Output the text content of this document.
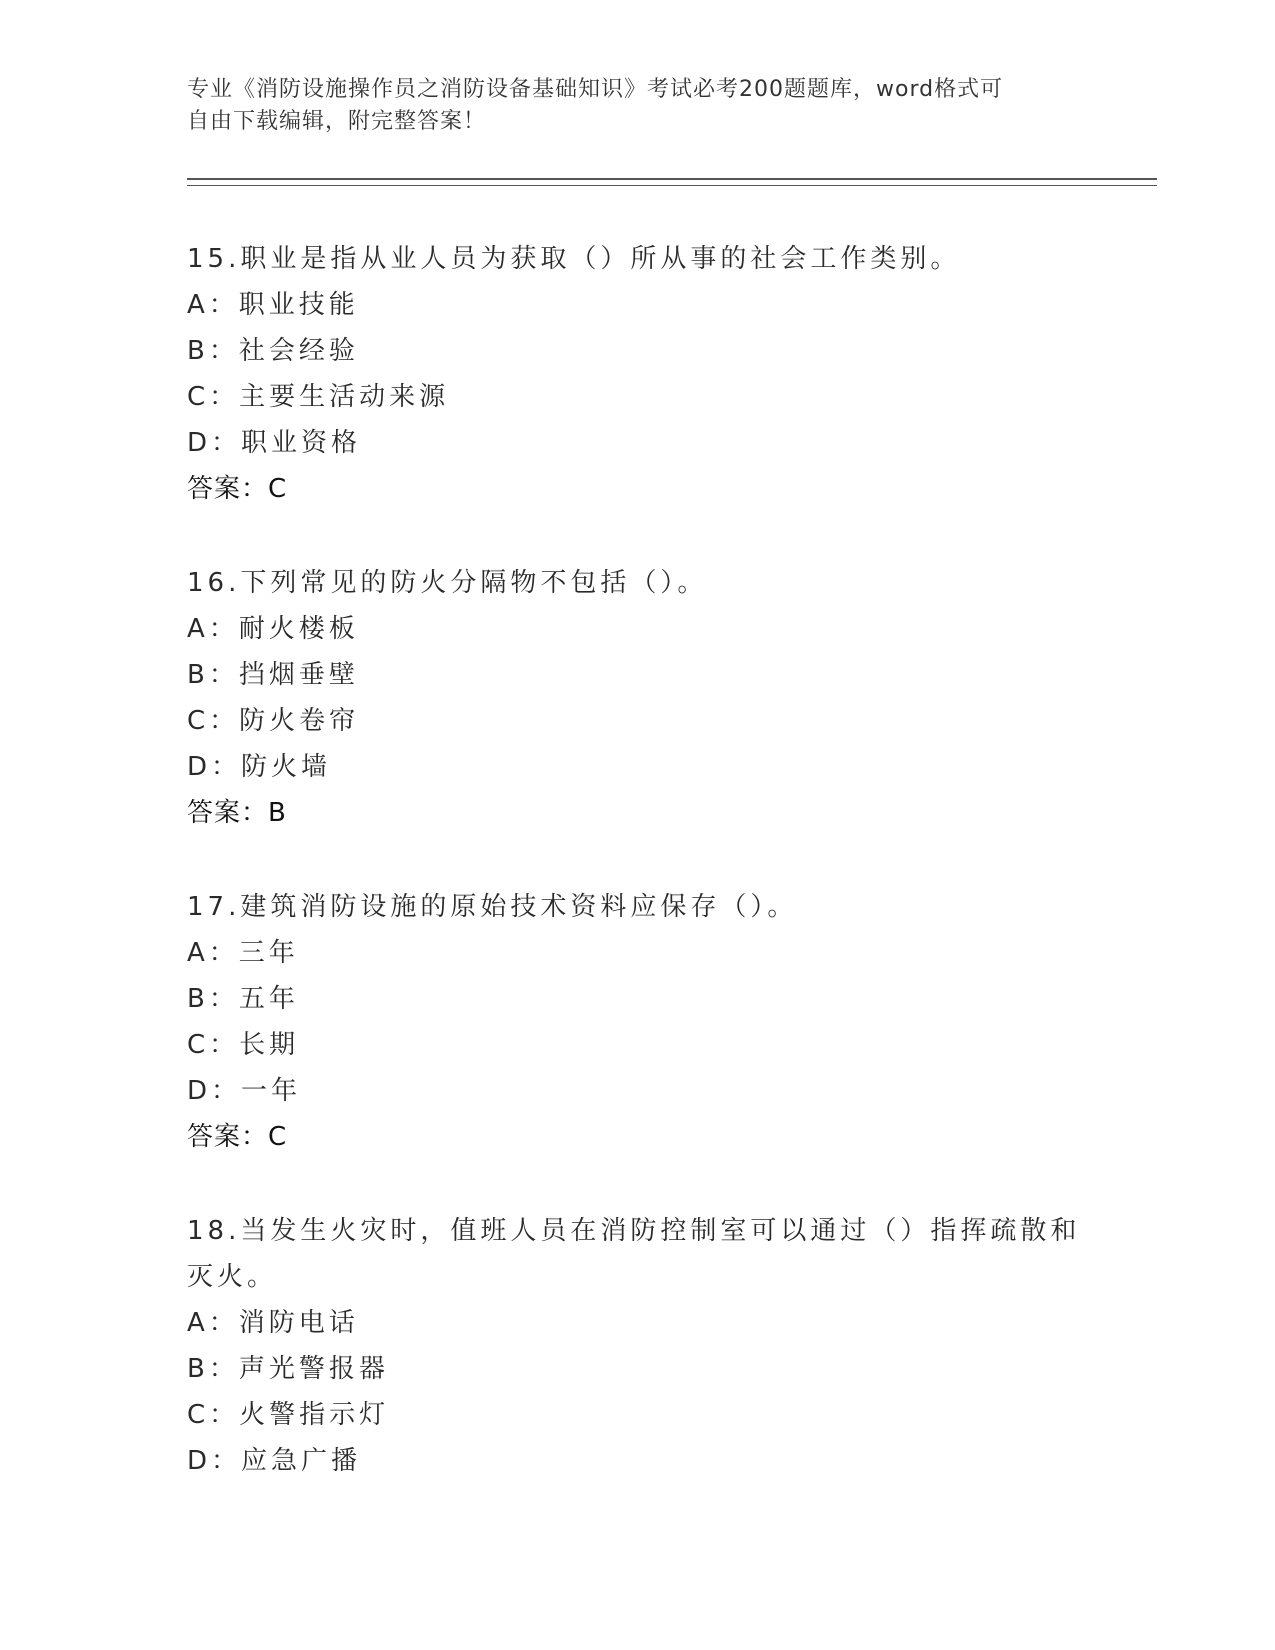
专业《消防设施操作员之消防设备基础知识》考试必考200题题库，word格式可
自由下载编辑，附完整答案！
15.职业是指从业人员为获取（）所从事的社会工作类别。
A：职业技能
B：社会经验
C：主要生活动来源
D：职业资格
答案：C
16.下列常见的防火分隔物不包括（）。
A：耐火楼板
B：挡烟垂壁
C：防火卷帘
D：防火墙
答案：B
17.建筑消防设施的原始技术资料应保存（）。
A：三年
B：五年
C：长期
D：一年
答案：C
18.当发生火灾时，值班人员在消防控制室可以通过（）指挥疏散和灭火。
A：消防电话
B：声光警报器
C：火警指示灯
D：应急广播
